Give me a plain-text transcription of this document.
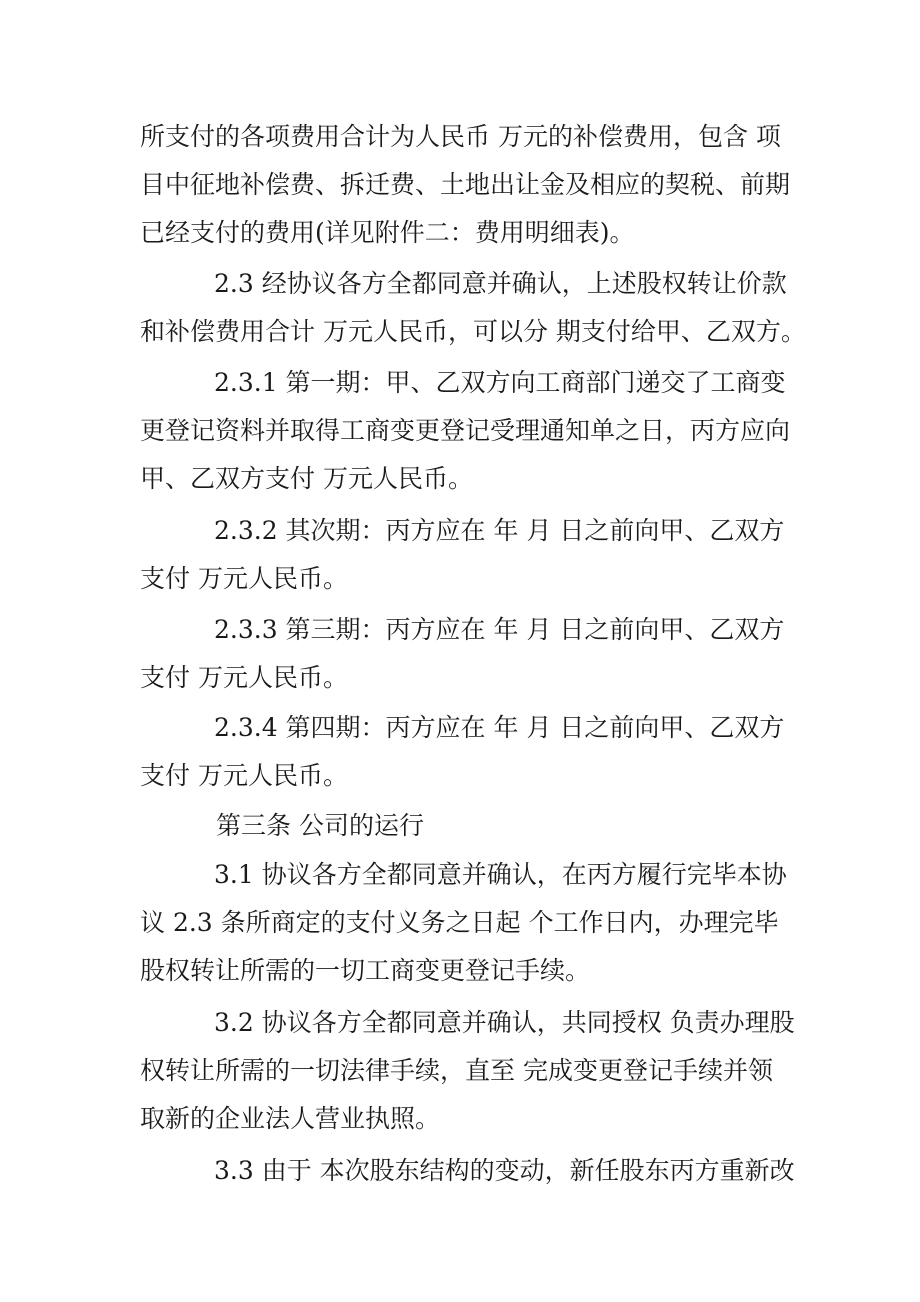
所支付的各项费用合计为人民币 万元的补偿费用，包含 项
目中征地补偿费、拆迁费、土地出让金及相应的契税、前期
已经支付的费用(详见附件二：费用明细表)。
2.3 经协议各方全都同意并确认，上述股权转让价款
和补偿费用合计 万元人民币，可以分 期支付给甲、乙双方。
2.3.1 第一期：甲、乙双方向工商部门递交了工商变
更登记资料并取得工商变更登记受理通知单之日，丙方应向
甲、乙双方支付 万元人民币。
2.3.2 其次期：丙方应在 年 月 日之前向甲、乙双方
支付 万元人民币。
2.3.3 第三期：丙方应在 年 月 日之前向甲、乙双方
支付 万元人民币。
2.3.4 第四期：丙方应在 年 月 日之前向甲、乙双方
支付 万元人民币。
第三条 公司的运行
3.1 协议各方全都同意并确认，在丙方履行完毕本协
议 2.3 条所商定的支付义务之日起 个工作日内，办理完毕
股权转让所需的一切工商变更登记手续。
3.2 协议各方全都同意并确认，共同授权 负责办理股
权转让所需的一切法律手续，直至 完成变更登记手续并领
取新的企业法人营业执照。
3.3 由于 本次股东结构的变动，新任股东丙方重新改
